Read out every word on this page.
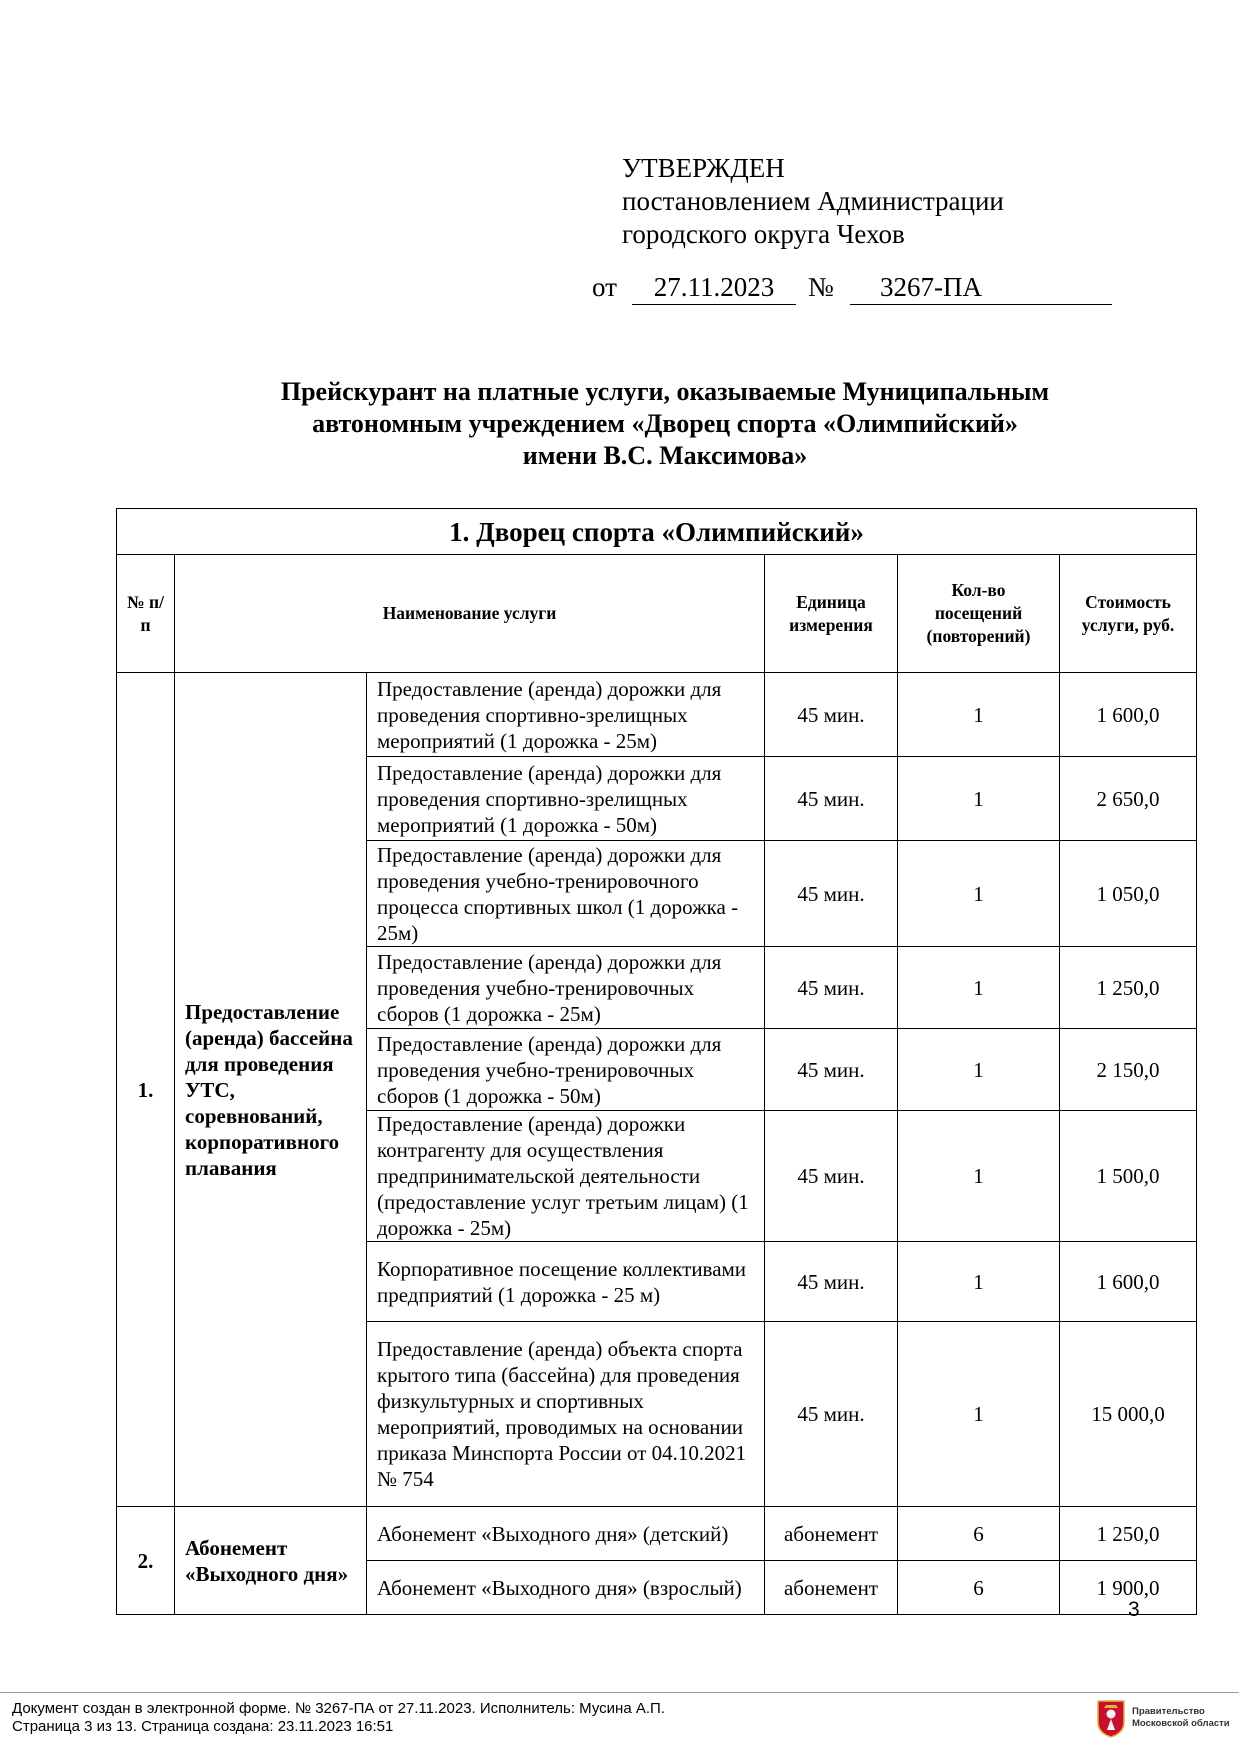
УТВЕРЖДЕН
постановлением Администрации
городского округа Чехов
от	27.11.2023	№	3267-ПА
Прейскурант на платные услуги, оказываемые Муниципальным
автономным учреждением «Дворец спорта «Олимпийский»
имени В.С. Максимова»
1. Дворец спорта «Олимпийский»					
№ п/п	Наименование услуги		Единица измерения	Кол-во посещений (повторений)	Стоимость услуги, руб.
1.	Предоставление (аренда) бассейна для проведения УТС, соревнований, корпоративного плавания	Предоставление (аренда) дорожки для проведения спортивно-зрелищных мероприятий (1 дорожка - 25м)	45 мин.	1	1 600,0
		Предоставление (аренда) дорожки для проведения спортивно-зрелищных мероприятий (1 дорожка - 50м)	45 мин.	1	2 650,0
		Предоставление (аренда) дорожки для проведения учебно-тренировочного процесса спортивных школ (1 дорожка - 25м)	45 мин.	1	1 050,0
		Предоставление (аренда) дорожки для проведения учебно-тренировочных сборов (1 дорожка - 25м)	45 мин.	1	1 250,0
		Предоставление (аренда) дорожки для проведения учебно-тренировочных сборов (1 дорожка - 50м)	45 мин.	1	2 150,0
		Предоставление (аренда) дорожки контрагенту для осуществления предпринимательской деятельности (предоставление услуг третьим лицам) (1 дорожка - 25м)	45 мин.	1	1 500,0
		Корпоративное посещение коллективами предприятий (1 дорожка - 25 м)	45 мин.	1	1 600,0
		Предоставление (аренда) объекта спорта крытого типа (бассейна) для проведения физкультурных и спортивных мероприятий, проводимых на основании приказа Минспорта России от 04.10.2021 № 754	45 мин.	1	15 000,0
2.	Абонемент «Выходного дня»	Абонемент «Выходного дня» (детский)	абонемент	6	1 250,0
		Абонемент «Выходного дня» (взрослый)	абонемент	6	1 900,0
3
Документ создан в электронной форме. № 3267-ПА от 27.11.2023. Исполнитель: Мусина А.П.
Страница 3 из 13. Страница создана: 23.11.2023 16:51
Правительство
Московской области
